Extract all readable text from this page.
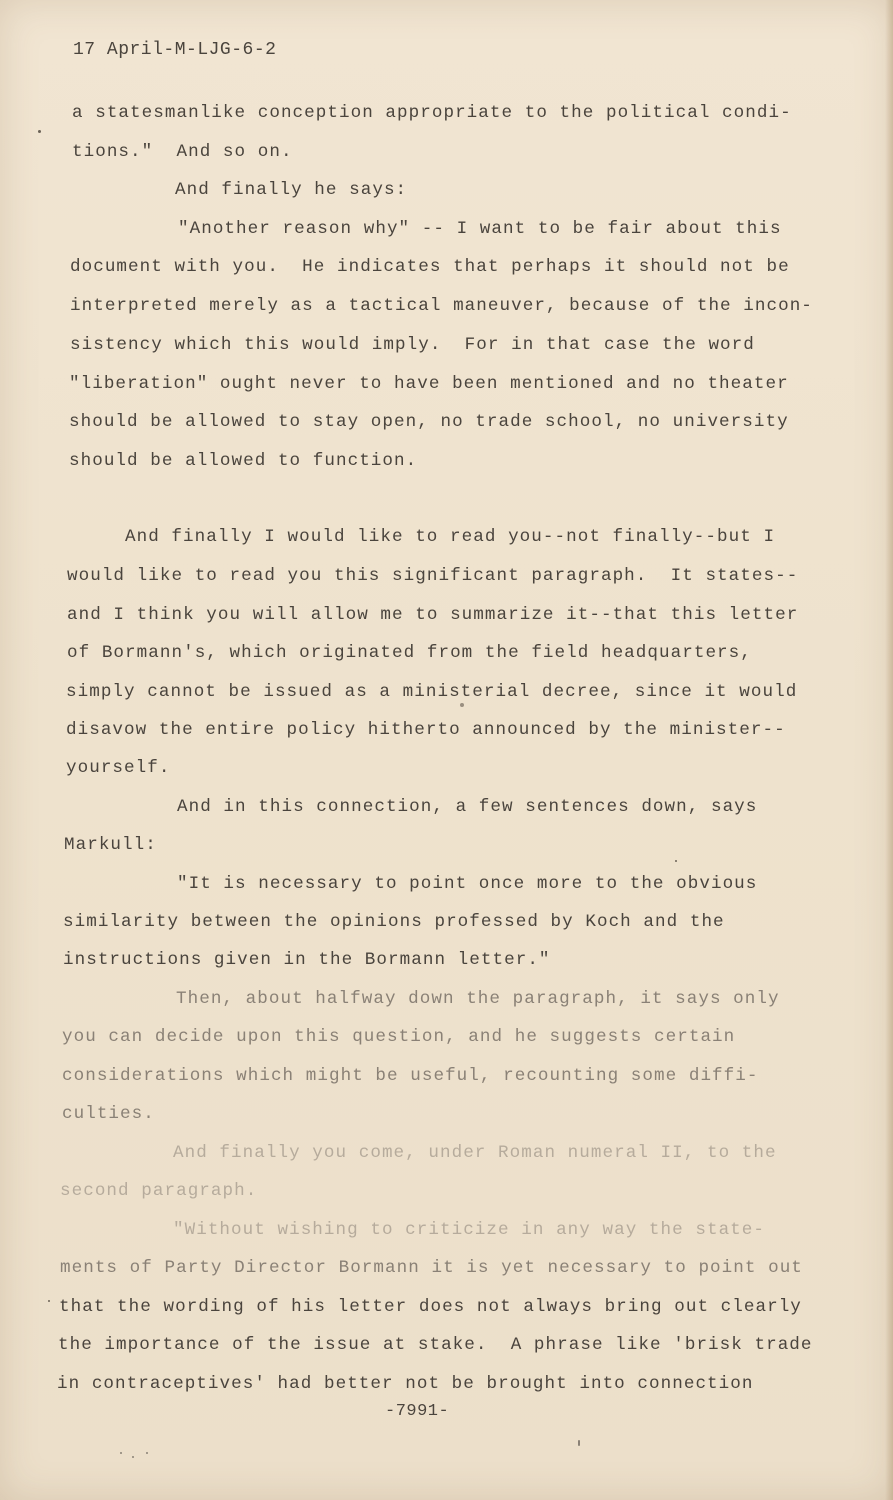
17 April-M-LJG-6-2
a statesmanlike conception appropriate to the political condi-
tions."  And so on.
And finally he says:
"Another reason why" -- I want to be fair about this
document with you.  He indicates that perhaps it should not be
interpreted merely as a tactical maneuver, because of the incon-
sistency which this would imply.  For in that case the word
"liberation" ought never to have been mentioned and no theater
should be allowed to stay open, no trade school, no university
should be allowed to function.
And finally I would like to read you--not finally--but I
would like to read you this significant paragraph.  It states--
and I think you will allow me to summarize it--that this letter
of Bormann's, which originated from the field headquarters,
simply cannot be issued as a ministerial decree, since it would
disavow the entire policy hitherto announced by the minister--
yourself.
And in this connection, a few sentences down, says
Markull:
"It is necessary to point once more to the obvious
similarity between the opinions professed by Koch and the
instructions given in the Bormann letter."
Then, about halfway down the paragraph, it says only
you can decide upon this question, and he suggests certain
considerations which might be useful, recounting some diffi-
culties.
And finally you come, under Roman numeral II, to the
second paragraph.
"Without wishing to criticize in any way the state-
ments of Party Director Bormann it is yet necessary to point out
that the wording of his letter does not always bring out clearly
the importance of the issue at stake.  A phrase like 'brisk trade
in contraceptives' had better not be brought into connection
-7991-
